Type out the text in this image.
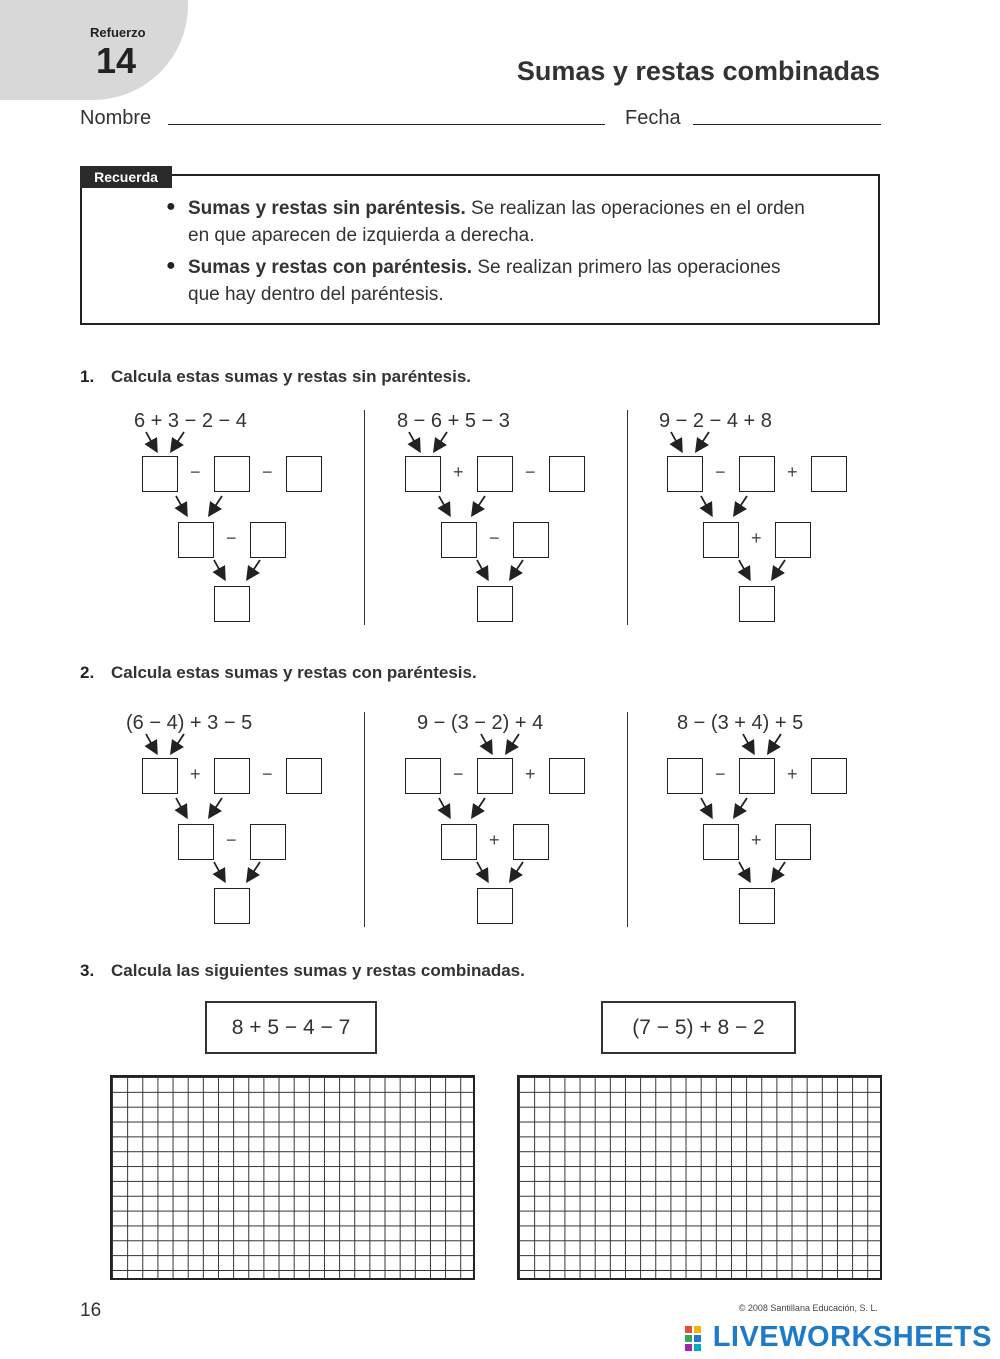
Refuerzo
14	Sumas y restas combinadas
Nombre	Fecha
Recuerda
● Sumas y restas sin paréntesis. Se realizan las operaciones en el orden
en que aparecen de izquierda a derecha.
● Sumas y restas con paréntesis. Se realizan primero las operaciones
que hay dentro del paréntesis.
1. Calcula estas sumas y restas sin paréntesis.
2. Calcula estas sumas y restas con paréntesis.
3. Calcula las siguientes sumas y restas combinadas.
6 + 3 − 2 − 4
−	−
−
8 − 6 + 5 − 3
+	−
−
9 − 2 − 4 + 8
−	+
+
(6 − 4) + 3 − 5
+	−
−
9 − (3 − 2) + 4
−	+
+
8 − (3 + 4) + 5
−	+
+
8 + 5 − 4 − 7	(7 − 5) + 8 − 2
16	© 2008 Santillana Educación, S. L.
LIVEWORKSHEETS
